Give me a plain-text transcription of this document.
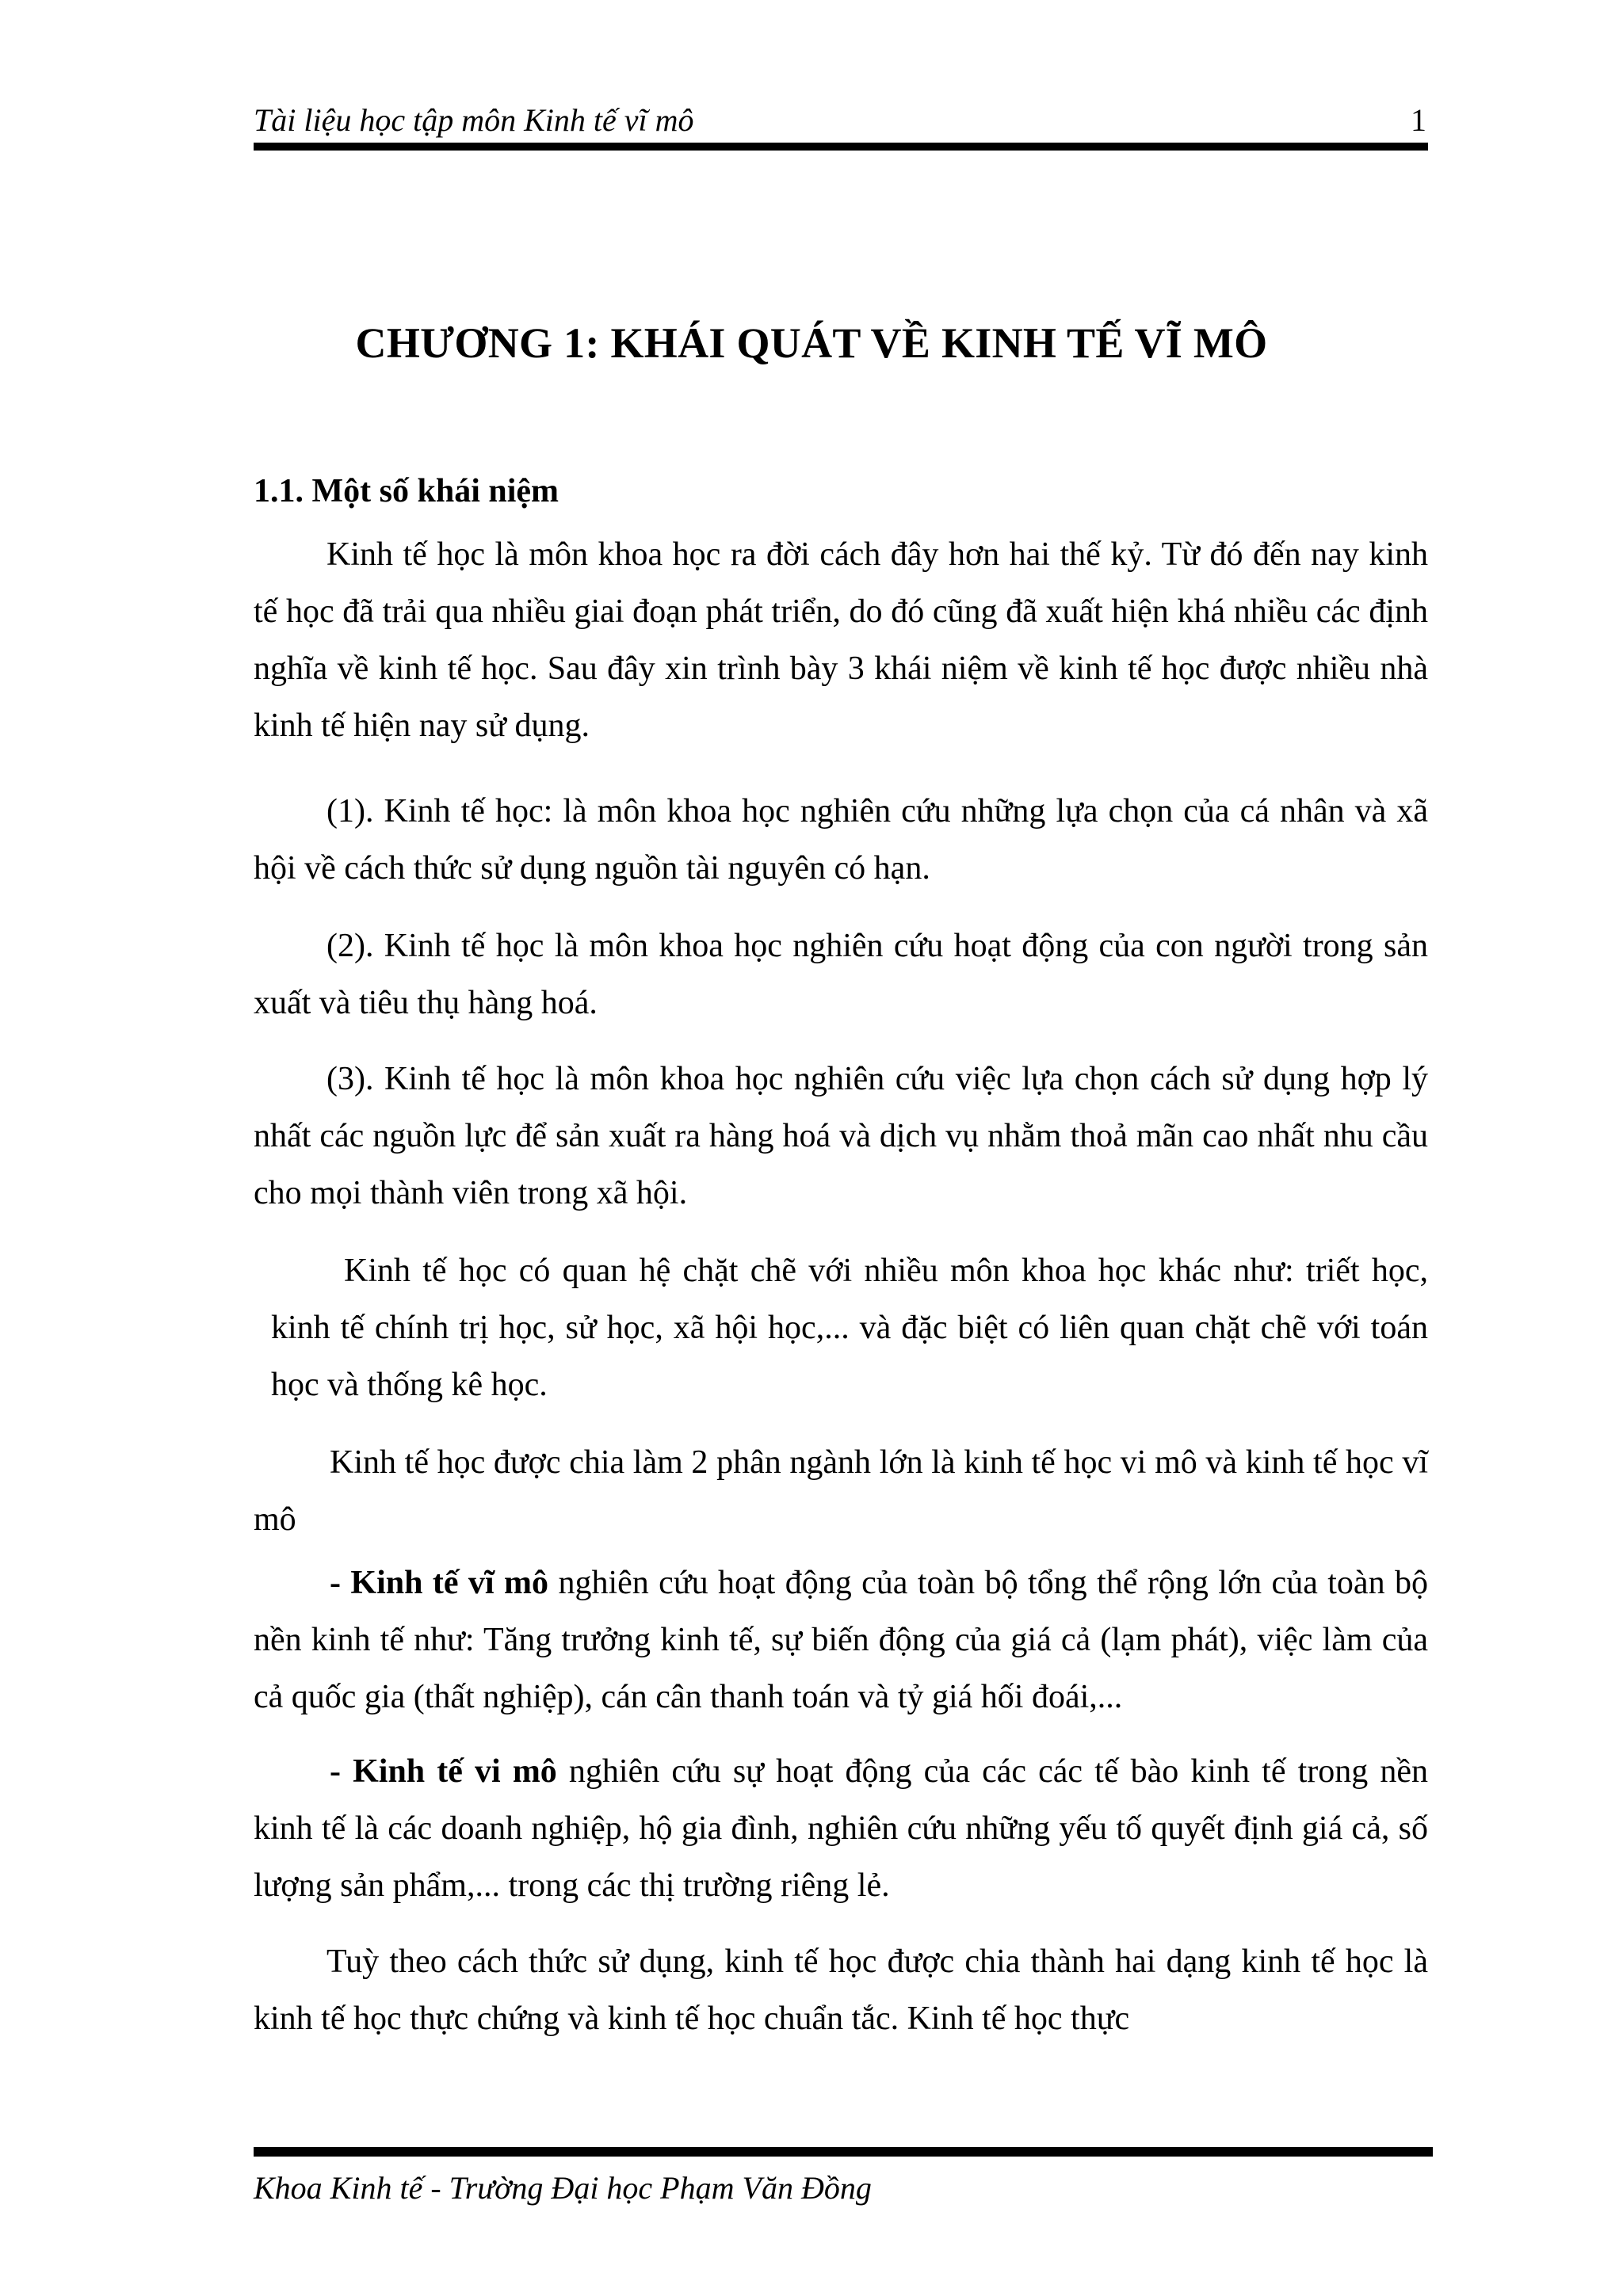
Tài liệu học tập môn Kinh tế vĩ mô	1
CHƯƠNG 1: KHÁI QUÁT VỀ KINH TẾ VĨ MÔ
1.1. Một số khái niệm

Kinh tế học là môn khoa học ra đời cách đây hơn hai thế kỷ. Từ đó đến nay kinh tế học đã trải qua nhiều giai đoạn phát triển, do đó cũng đã xuất hiện khá nhiều các định nghĩa về kinh tế học. Sau đây xin trình bày 3 khái niệm về kinh tế học được nhiều nhà kinh tế hiện nay sử dụng.

(1). Kinh tế học: là môn khoa học nghiên cứu những lựa chọn của cá nhân và xã hội về cách thức sử dụng nguồn tài nguyên có hạn.

(2). Kinh tế học là môn khoa học nghiên cứu hoạt động của con người trong sản xuất và tiêu thụ hàng hoá.

(3). Kinh tế học là môn khoa học nghiên cứu việc lựa chọn cách sử dụng hợp lý nhất các nguồn lực để sản xuất ra hàng hoá và dịch vụ nhằm thoả mãn cao nhất nhu cầu cho mọi thành viên trong xã hội.

Kinh tế học có quan hệ chặt chẽ với nhiều môn khoa học khác như: triết học, kinh tế chính trị học, sử học, xã hội học,... và đặc biệt có liên quan chặt chẽ với toán học và thống kê học.

Kinh tế học được chia làm 2 phân ngành lớn là kinh tế học vi mô và kinh tế học vĩ mô

- Kinh tế vĩ mô nghiên cứu hoạt động của toàn bộ tổng thể rộng lớn của toàn bộ nền kinh tế như: Tăng trưởng kinh tế, sự biến động của giá cả (lạm phát), việc làm của cả quốc gia (thất nghiệp), cán cân thanh toán và tỷ giá hối đoái,...

- Kinh tế vi mô nghiên cứu sự hoạt động của các các tế bào kinh tế trong nền kinh tế là các doanh nghiệp, hộ gia đình, nghiên cứu những yếu tố quyết định giá cả, số lượng sản phẩm,... trong các thị trường riêng lẻ.

Tuỳ theo cách thức sử dụng, kinh tế học được chia thành hai dạng kinh tế học là kinh tế học thực chứng và kinh tế học chuẩn tắc. Kinh tế học thực

Khoa Kinh tế - Trường Đại học Phạm Văn Đồng
